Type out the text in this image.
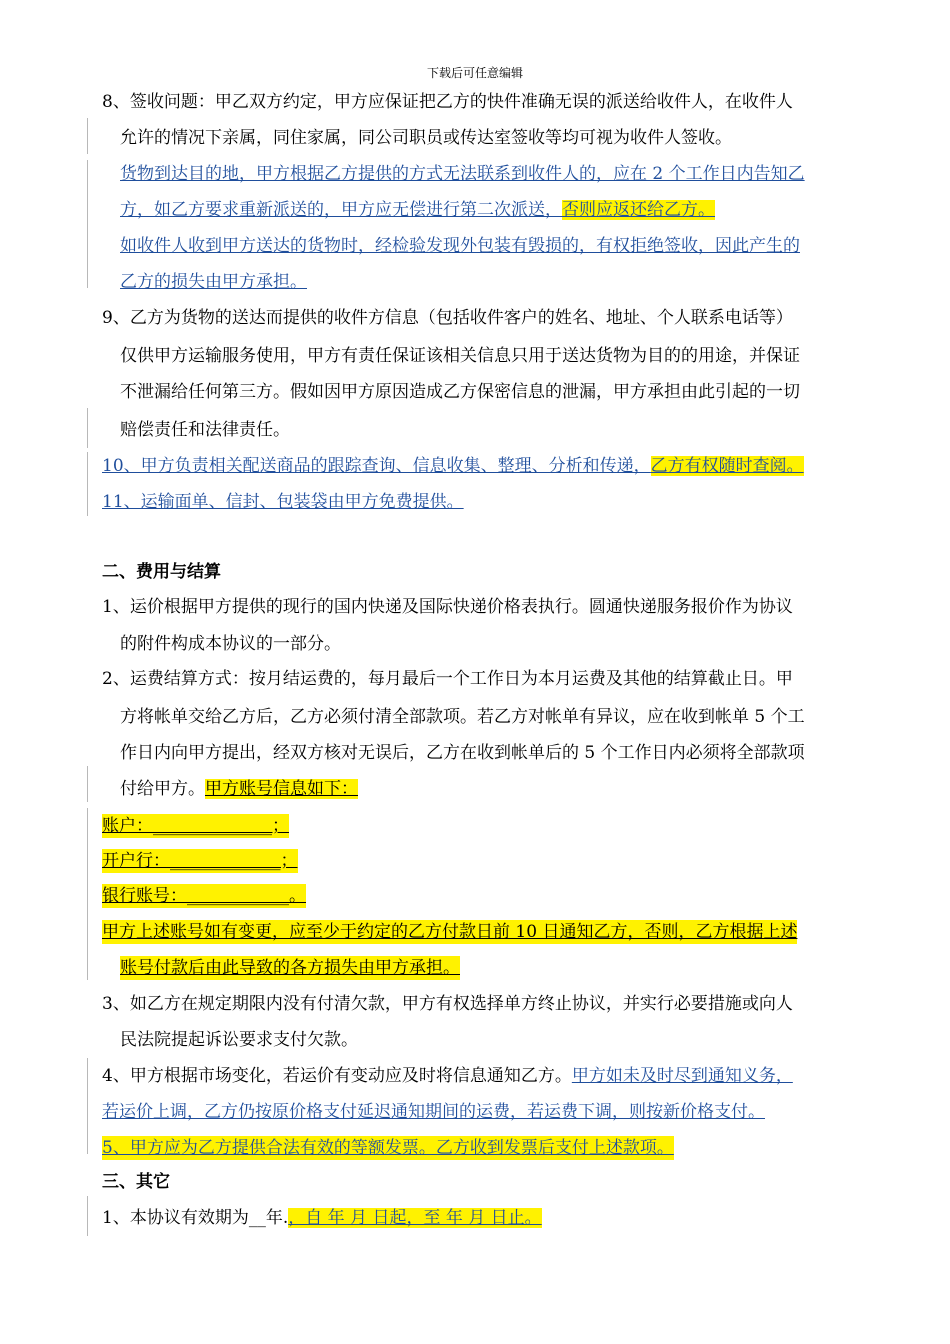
下载后可任意编辑
8、签收问题：甲乙双方约定，甲方应保证把乙方的快件准确无误的派送给收件人，在收件人
允许的情况下亲属，同住家属，同公司职员或传达室签收等均可视为收件人签收。
货物到达目的地，甲方根据乙方提供的方式无法联系到收件人的，应在 2 个工作日内告知乙
方，如乙方要求重新派送的，甲方应无偿进行第二次派送，否则应返还给乙方。
如收件人收到甲方送达的货物时，经检验发现外包装有毁损的，有权拒绝签收，因此产生的
乙方的损失由甲方承担。
9、乙方为货物的送达而提供的收件方信息（包括收件客户的姓名、地址、个人联系电话等）
仅供甲方运输服务使用，甲方有责任保证该相关信息只用于送达货物为目的的用途，并保证
不泄漏给任何第三方。假如因甲方原因造成乙方保密信息的泄漏，甲方承担由此引起的一切
赔偿责任和法律责任。
10、甲方负责相关配送商品的跟踪查询、信息收集、整理、分析和传递，乙方有权随时查阅。
11、运输面单、信封、包装袋由甲方免费提供。
二、费用与结算
1、运价根据甲方提供的现行的国内快递及国际快递价格表执行。圆通快递服务报价作为协议
的附件构成本协议的一部分。
2、运费结算方式：按月结运费的，每月最后一个工作日为本月运费及其他的结算截止日。甲
方将帐单交给乙方后，乙方必须付清全部款项。若乙方对帐单有异议，应在收到帐单 5 个工
作日内向甲方提出，经双方核对无误后，乙方在收到帐单后的 5 个工作日内必须将全部款项
付给甲方。甲方账号信息如下：
账户：______________；
开户行：_____________；
银行账号：____________。
甲方上述账号如有变更，应至少于约定的乙方付款日前 10 日通知乙方，否则，乙方根据上述
账号付款后由此导致的各方损失由甲方承担。
3、如乙方在规定期限内没有付清欠款，甲方有权选择单方终止协议，并实行必要措施或向人
民法院提起诉讼要求支付欠款。
4、甲方根据市场变化，若运价有变动应及时将信息通知乙方。甲方如未及时尽到通知义务，
若运价上调，乙方仍按原价格支付延迟通知期间的运费，若运费下调，则按新价格支付。
5、甲方应为乙方提供合法有效的等额发票。乙方收到发票后支付上述款项。
三、其它
1、本协议有效期为__年.，自 年 月 日起，至 年 月 日止。
